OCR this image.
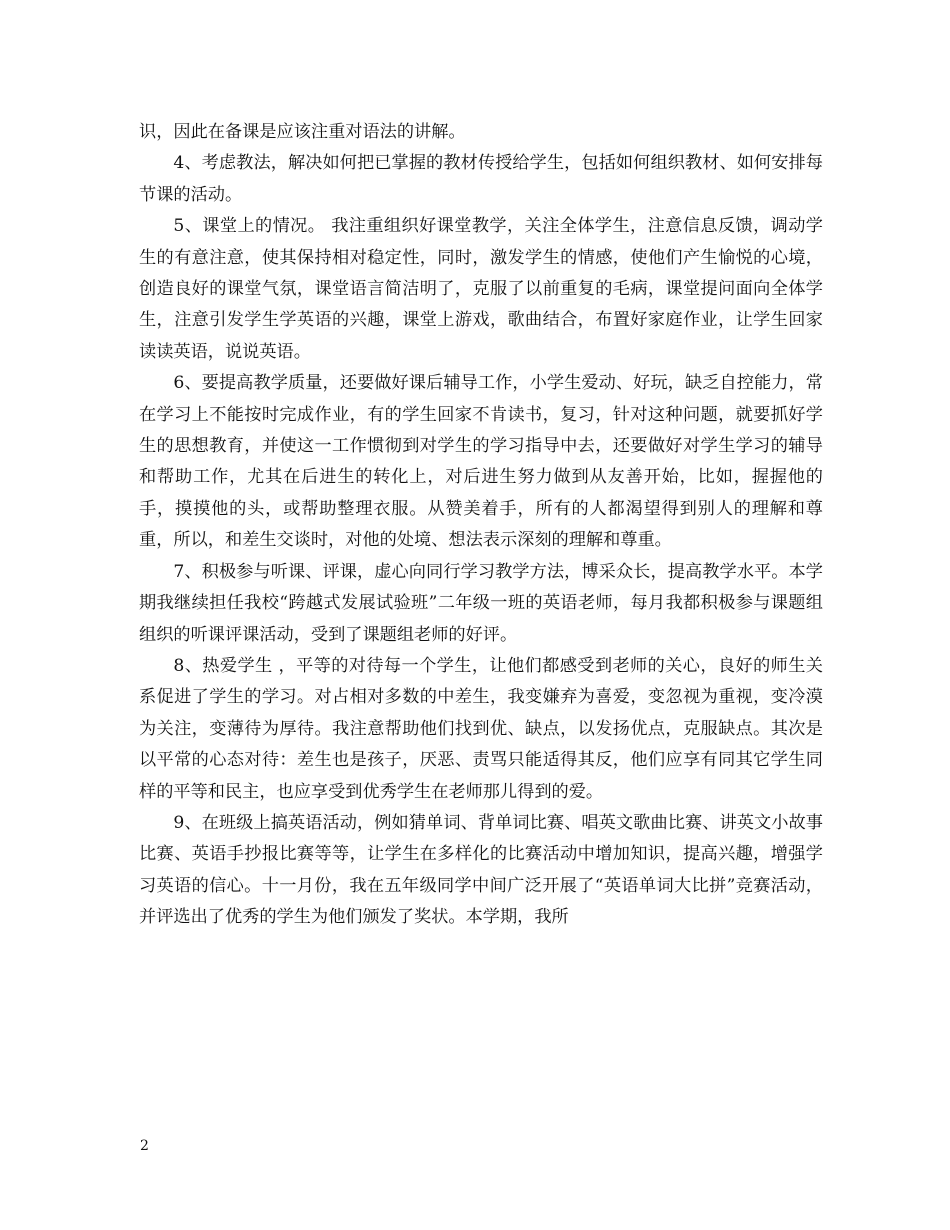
识，因此在备课是应该注重对语法的讲解。

4、考虑教法，解决如何把已掌握的教材传授给学生，包括如何组织教材、如何安排每节课的活动。

5、课堂上的情况。 我注重组织好课堂教学，关注全体学生，注意信息反馈，调动学生的有意注意，使其保持相对稳定性，同时，激发学生的情感，使他们产生愉悦的心境，创造良好的课堂气氛，课堂语言简洁明了，克服了以前重复的毛病，课堂提问面向全体学生，注意引发学生学英语的兴趣，课堂上游戏，歌曲结合，布置好家庭作业，让学生回家读读英语，说说英语。

6、要提高教学质量，还要做好课后辅导工作，小学生爱动、好玩，缺乏自控能力，常在学习上不能按时完成作业，有的学生回家不肯读书，复习，针对这种问题，就要抓好学生的思想教育，并使这一工作惯彻到对学生的学习指导中去，还要做好对学生学习的辅导和帮助工作，尤其在后进生的转化上，对后进生努力做到从友善开始，比如，握握他的手，摸摸他的头，或帮助整理衣服。从赞美着手，所有的人都渴望得到别人的理解和尊重，所以，和差生交谈时，对他的处境、想法表示深刻的理解和尊重。

7、积极参与听课、评课，虚心向同行学习教学方法，博采众长，提高教学水平。本学期我继续担任我校“跨越式发展试验班”二年级一班的英语老师，每月我都积极参与课题组组织的听课评课活动，受到了课题组老师的好评。

8、热爱学生 ，平等的对待每一个学生，让他们都感受到老师的关心，良好的师生关系促进了学生的学习。对占相对多数的中差生，我变嫌弃为喜爱，变忽视为重视，变冷漠为关注，变薄待为厚待。我注意帮助他们找到优、缺点，以发扬优点，克服缺点。其次是以平常的心态对待：差生也是孩子，厌恶、责骂只能适得其反，他们应享有同其它学生同样的平等和民主，也应享受到优秀学生在老师那儿得到的爱。

9、在班级上搞英语活动，例如猜单词、背单词比赛、唱英文歌曲比赛、讲英文小故事比赛、英语手抄报比赛等等，让学生在多样化的比赛活动中增加知识，提高兴趣，增强学习英语的信心。十一月份，我在五年级同学中间广泛开展了“英语单词大比拼”竞赛活动，并评选出了优秀的学生为他们颁发了奖状。本学期，我所

2
